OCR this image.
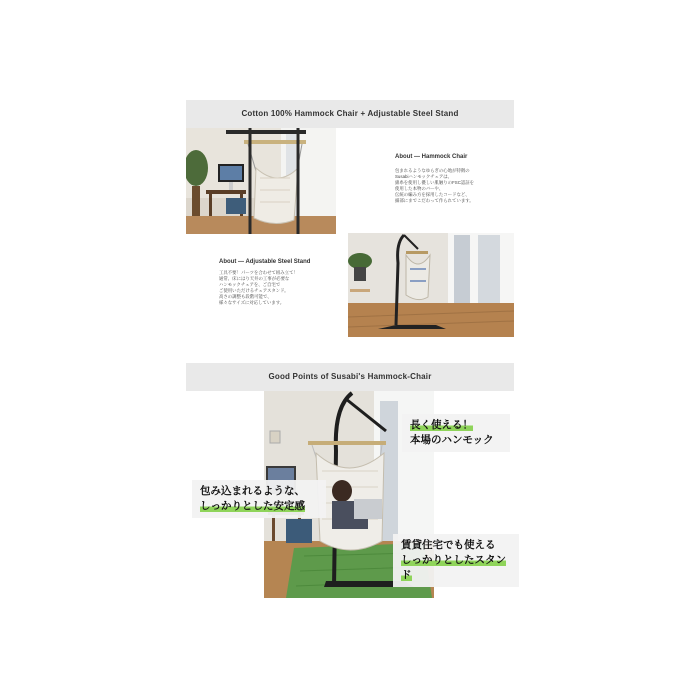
Cotton 100% Hammock Chair + Adjustable Steel Stand
About — Hammock Chair
包まれるようなゆらぎの心地が特徴の
Susabiハンモックチェアは、
綿糸を使用し優しい肌触りのFSC認証を
使用した本物のバーや、
伝統の編み方を採用したコードなど、
細部にまでこだわって作られています。
About — Adjustable Steel Stand
工具不要！パーツを合わせて組み立て！
通常、床にはり天井の工事が必要な
ハンモックチェアを、ご自宅で
ご使用いただけるチェアスタンド。
高さの調整も段階可能で、
様々なサイズに対応しています。
Good Points of Susabi's Hammock-Chair
長く使える！
本場のハンモック
包み込まれるような、
しっかりとした安定感
賃貸住宅でも使える
しっかりとしたスタンド
